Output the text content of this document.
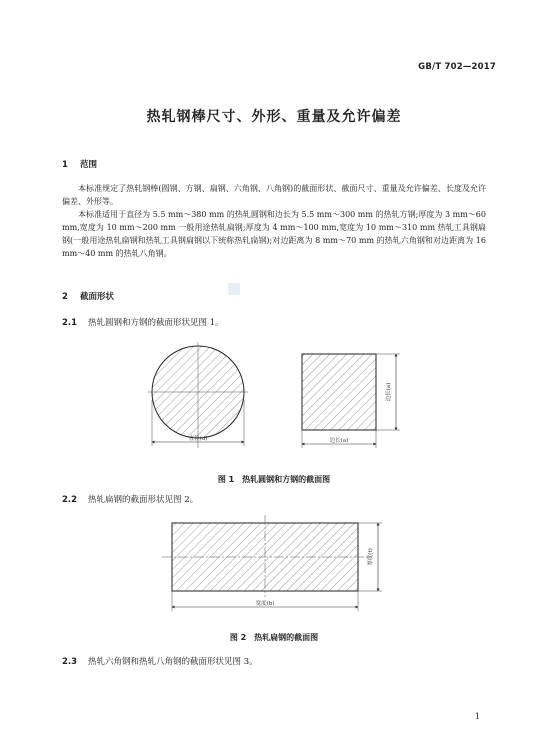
GB/T 702—2017
热轧钢棒尺寸、外形、重量及允许偏差
1 范围

本标准规定了热轧钢棒(圆钢、方钢、扁钢、六角钢、八角钢)的截面形状、截面尺寸、重量及允许偏差、长度及允许偏差、外形等。

本标准适用于直径为 5.5 mm～380 mm 的热轧圆钢和边长为 5.5 mm～300 mm 的热轧方钢;厚度为 3 mm～60 mm,宽度为 10 mm～200 mm 一般用途热轧扁钢;厚度为 4 mm～100 mm,宽度为 10 mm～310 mm 热轧工具钢扁钢(一般用途热轧扁钢和热轧工具钢扁钢以下统称热轧扁钢);对边距离为 8 mm～70 mm 的热轧六角钢和对边距离为 16 mm～40 mm 的热轧八角钢。

2 截面形状
2.1 热轧圆钢和方钢的截面形状见图 1。
直径(d)
边长(a)
边长(a)
图 1　热轧圆钢和方钢的截面图
2.2 热轧扁钢的截面形状见图 2。
厚度(t)
宽度(b)
图 2　热轧扁钢的截面图
2.3 热轧六角钢和热轧八角钢的截面形状见图 3。
1
